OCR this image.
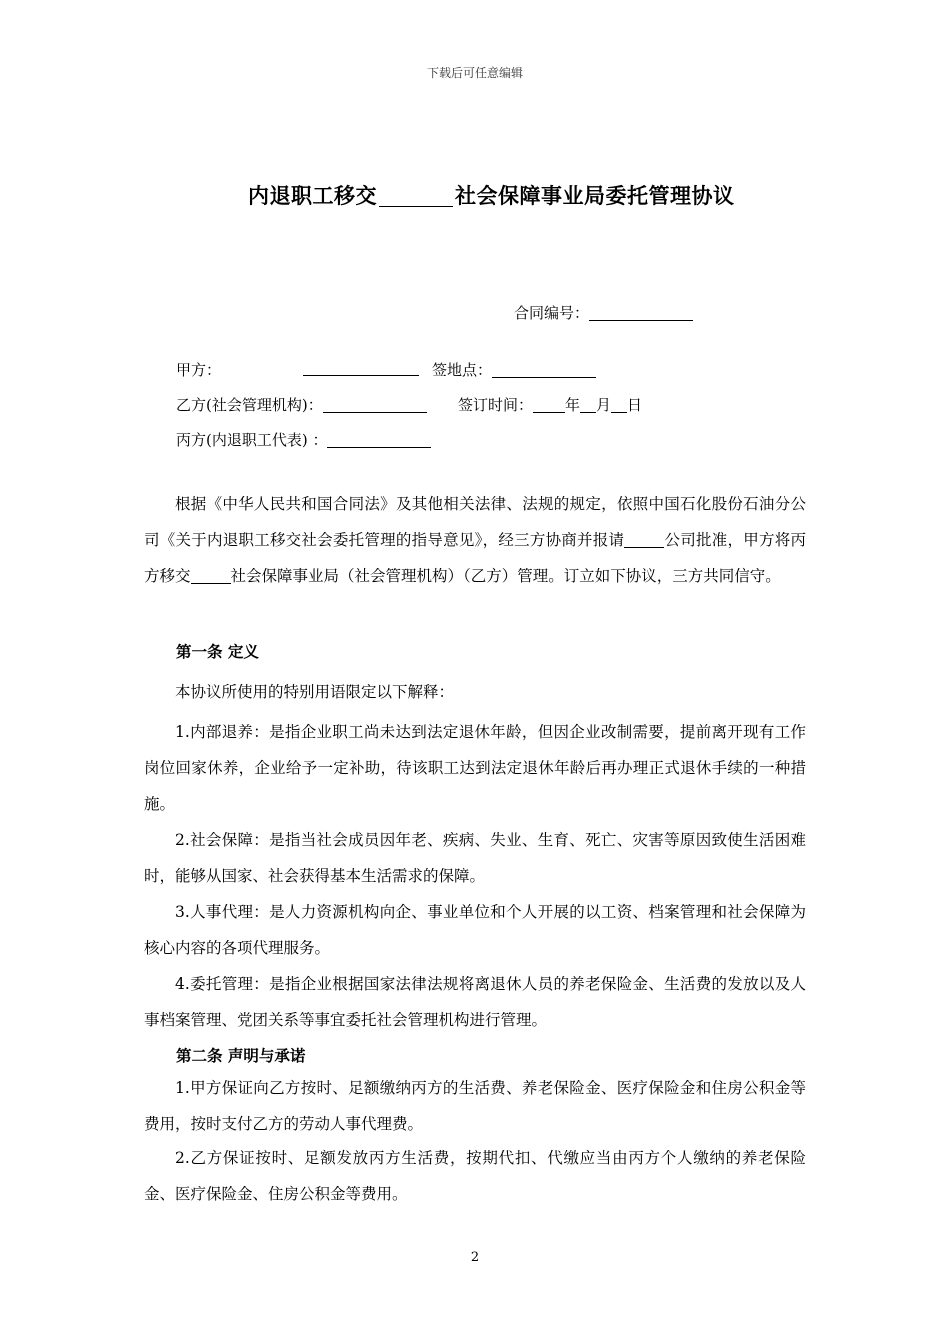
下载后可任意编辑
内退职工移交	社会保障事业局委托管理协议
合同编号：
甲方：	签地点：
乙方(社会管理机构)：	签订时间： 年 月 日
丙方(内退职工代表) ：
根据《中华人民共和国合同法》及其他相关法律、法规的规定，依照中国石化股份石油分公司《关于内退职工移交社会委托管理的指导意见》，经三方协商并报请	公司批准，甲方将丙方移交	社会保障事业局（社会管理机构）（乙方）管理。订立如下协议，三方共同信守。
第一条 定义
本协议所使用的特别用语限定以下解释：
1.内部退养：是指企业职工尚未达到法定退休年龄，但因企业改制需要，提前离开现有工作岗位回家休养，企业给予一定补助，待该职工达到法定退休年龄后再办理正式退休手续的一种措施。
2.社会保障：是指当社会成员因年老、疾病、失业、生育、死亡、灾害等原因致使生活困难时，能够从国家、社会获得基本生活需求的保障。
3.人事代理：是人力资源机构向企、事业单位和个人开展的以工资、档案管理和社会保障为核心内容的各项代理服务。
4.委托管理：是指企业根据国家法律法规将离退休人员的养老保险金、生活费的发放以及人事档案管理、党团关系等事宜委托社会管理机构进行管理。
第二条 声明与承诺
1.甲方保证向乙方按时、足额缴纳丙方的生活费、养老保险金、医疗保险金和住房公积金等费用，按时支付乙方的劳动人事代理费。
2.乙方保证按时、足额发放丙方生活费，按期代扣、代缴应当由丙方个人缴纳的养老保险金、医疗保险金、住房公积金等费用。
2
